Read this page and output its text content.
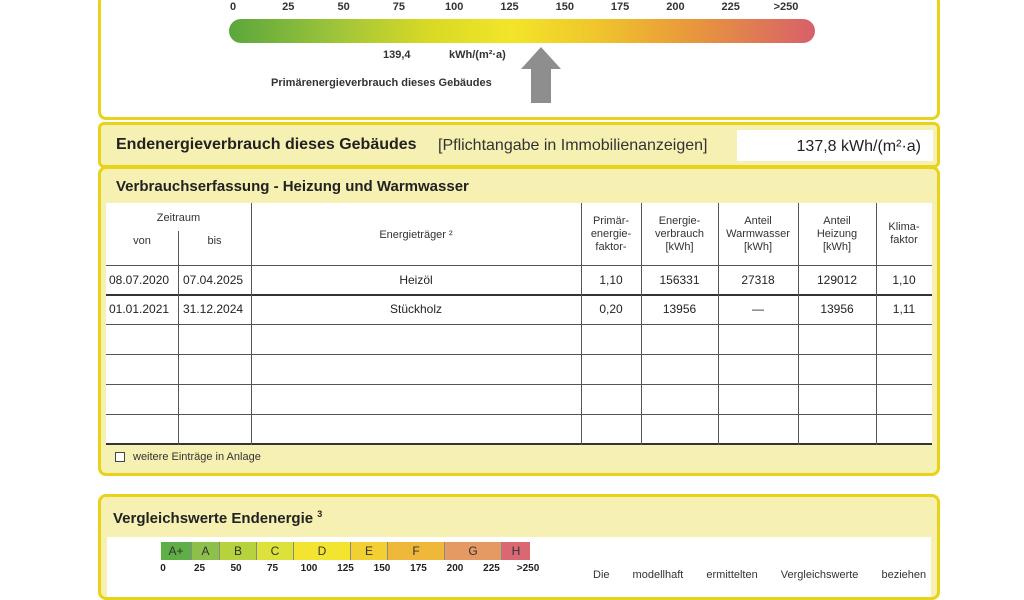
0	25	50	75	100	125	150	175	200	225	>250
139,4	kWh/(m²·a)
Primärenergieverbrauch dieses Gebäudes
Endenergieverbrauch dieses Gebäudes [Pflichtangabe in Immobilienanzeigen]	137,8 kWh/(m²·a)
Verbrauchserfassung - Heizung und Warmwasser
Zeitraum
von	bis	Energieträger ²
Primär-
energie-
faktor-
Energie-
verbrauch
[kWh]
Anteil
Warmwasser
[kWh]
Anteil
Heizung
[kWh]
Klima-
faktor
08.07.2020 07.04.2025	Heizöl	1,10	156331	27318	129012	1,10
01.01.2021 31.12.2024	Stückholz	0,20	13956	—	13956	1,11
weitere Einträge in Anlage
Vergleichswerte Endenergie $^3$
A+	A	B	C	D	E	F	G	H
0	25	50	75 100 125 150 175 200 225 >250
Die modellhaft ermittelten Vergleichswerte beziehen
